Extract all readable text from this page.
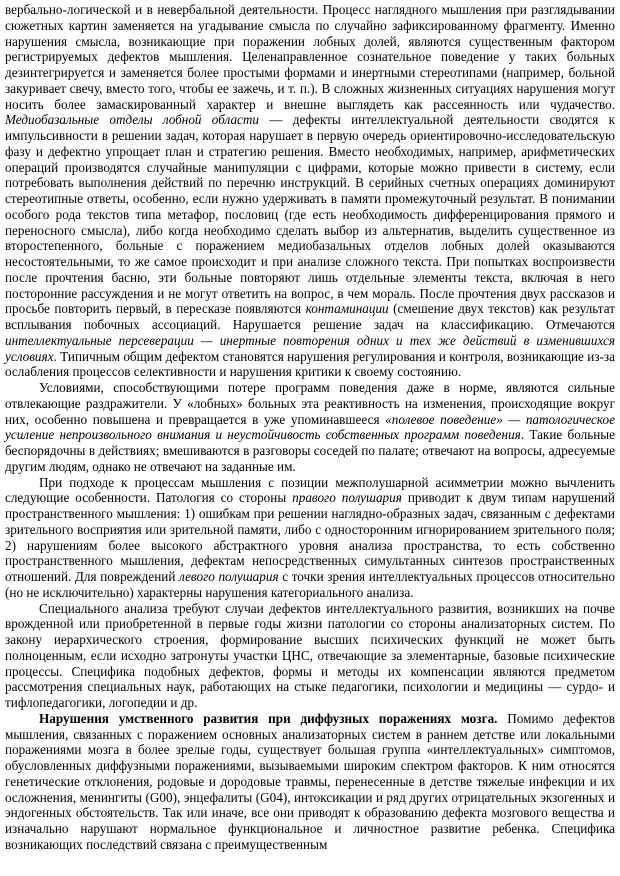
вербально-логической и в невербальной деятельности. Процесс наглядного мышления при разглядывании сюжетных картин заменяется на угадывание смысла по случайно зафиксированному фрагменту. Именно нарушения смысла, возникающие при поражении лобных долей, являются существенным фактором регистрируемых дефектов мышления. Целенаправленное сознательное поведение у таких больных дезинтегрируется и заменяется более простыми формами и инертными стереотипами (например, больной закуривает свечу, вместо того, чтобы ее зажечь, и т. п.). В сложных жизненных ситуациях нарушения могут носить более замаскированный характер и внешне выглядеть как рассеянность или чудачество. Медиобазальные отделы лобной области — дефекты интеллектуальной деятельности сводятся к импульсивности в решении задач, которая нарушает в первую очередь ориентировочно-исследовательскую фазу и дефектно упрощает план и стратегию решения. Вместо необходимых, например, арифметических операций производятся случайные манипуляции с цифрами, которые можно привести в систему, если потребовать выполнения действий по перечню инструкций. В серийных счетных операциях доминируют стереотипные ответы, особенно, если нужно удерживать в памяти промежуточный результат. В понимании особого рода текстов типа метафор, пословиц (где есть необходимость дифференцирования прямого и переносного смысла), либо когда необходимо сделать выбор из альтернатив, выделить существенное из второстепенного, больные с поражением медиобазальных отделов лобных долей оказываются несостоятельными, то же самое происходит и при анализе сложного текста. При попытках воспроизвести после прочтения басню, эти больные повторяют лишь отдельные элементы текста, включая в него посторонние рассуждения и не могут ответить на вопрос, в чем мораль. После прочтения двух рассказов и просьбе повторить первый, в пересказе появляются контаминации (смешение двух текстов) как результат всплывания побочных ассоциаций. Нарушается решение задач на классификацию. Отмечаются интеллектуальные персеверации — инертные повторения одних и тех же действий в изменившихся условиях. Типичным общим дефектом становятся нарушения регулирования и контроля, возникающие из-за ослабления процессов селективности и нарушения критики к своему состоянию.

Условиями, способствующими потере программ поведения даже в норме, являются сильные отвлекающие раздражители. У «лобных» больных эта реактивность на изменения, происходящие вокруг них, особенно повышена и превращается в уже упоминавшееся «полевое поведение» — патологическое усиление непроизвольного внимания и неустойчивость собственных программ поведения. Такие больные беспорядочны в действиях; вмешиваются в разговоры соседей по палате; отвечают на вопросы, адресуемые другим людям, однако не отвечают на заданные им.

При подходе к процессам мышления с позиции межполушарной асимметрии можно вычленить следующие особенности. Патология со стороны правого полушария приводит к двум типам нарушений пространственного мышления: 1) ошибкам при решении наглядно-образных задач, связанным с дефектами зрительного восприятия или зрительной памяти, либо с односторонним игнорированием зрительного поля; 2) нарушениям более высокого абстрактного уровня анализа пространства, то есть собственно пространственного мышления, дефектам непосредственных симультанных синтезов пространственных отношений. Для повреждений левого полушария с точки зрения интеллектуальных процессов относительно (но не исключительно) характерны нарушения категориального анализа.

Специального анализа требуют случаи дефектов интеллектуального развития, возникших на почве врожденной или приобретенной в первые годы жизни патологии со стороны анализаторных систем. По закону иерархического строения, формирование высших психических функций не может быть полноценным, если исходно затронуты участки ЦНС, отвечающие за элементарные, базовые психические процессы. Специфика подобных дефектов, формы и методы их компенсации являются предметом рассмотрения специальных наук, работающих на стыке педагогики, психологии и медицины — сурдо- и тифлопедагогики, логопедии и др.

Нарушения умственного развития при диффузных поражениях мозга. Помимо дефектов мышления, связанных с поражением основных анализаторных систем в раннем детстве или локальными поражениями мозга в более зрелые годы, существует большая группа «интеллектуальных» симптомов, обусловленных диффузными поражениями, вызываемыми широким спектром факторов. К ним относятся генетические отклонения, родовые и дородовые травмы, перенесенные в детстве тяжелые инфекции и их осложнения, менингиты (G00), энцефалиты (G04), интоксикации и ряд других отрицательных экзогенных и эндогенных обстоятельств. Так или иначе, все они приводят к образованию дефекта мозгового вещества и изначально нарушают нормальное функциональное и личностное развитие ребенка. Специфика возникающих последствий связана с преимущественным
